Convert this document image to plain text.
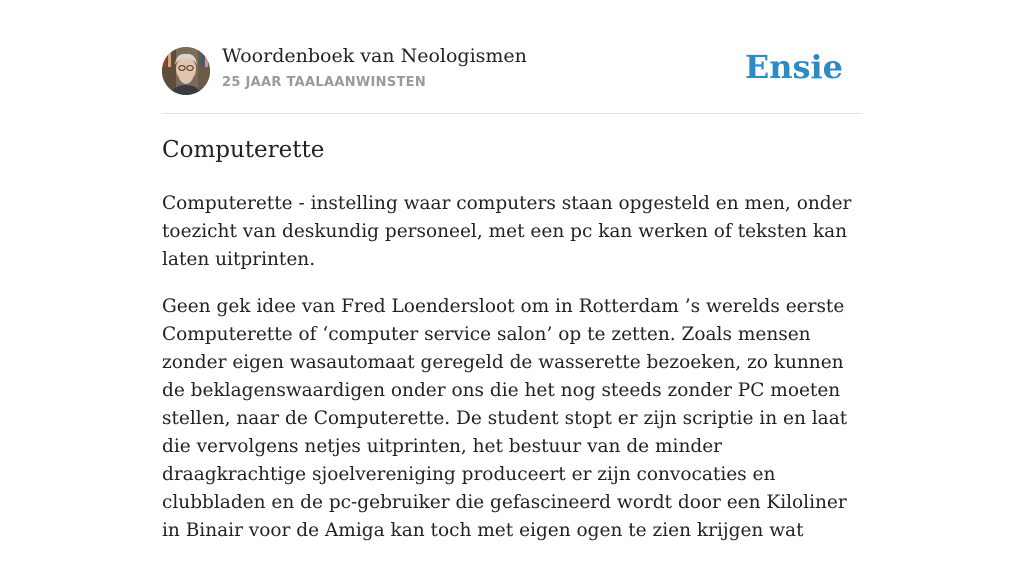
Woordenboek van Neologismen
25 JAAR TAALAANWINSTEN	Ensie
Computerette

Computerette - instelling waar computers staan opgesteld en men, onder toezicht van deskundig personeel, met een pc kan werken of teksten kan laten uitprinten.

Geen gek idee van Fred Loendersloot om in Rotterdam ’s werelds eerste Computerette of ‘computer service salon’ op te zetten. Zoals mensen zonder eigen wasautomaat geregeld de wasserette bezoeken, zo kunnen de beklagenswaardigen onder ons die het nog steeds zonder PC moeten stellen, naar de Computerette. De student stopt er zijn scriptie in en laat die vervolgens netjes uitprinten, het bestuur van de minder draagkrachtige sjoelvereniging produceert er zijn convocaties en clubbladen en de pc-gebruiker die gefascineerd wordt door een Kiloliner in Binair voor de Amiga kan toch met eigen ogen te zien krijgen wat
